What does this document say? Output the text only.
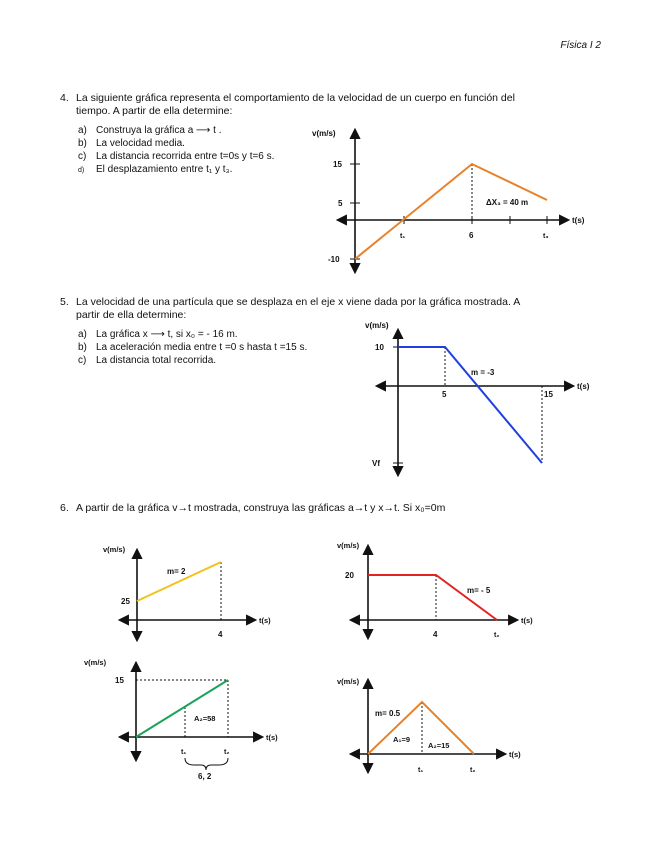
Física I 2
4. La siguiente gráfica representa el comportamiento de la velocidad de un cuerpo en función del
tiempo. A partir de ella determine:
a) Construya la gráfica a ⟶ t .
b) La velocidad media.
c) La distancia recorrida entre t=0s y t=6 s.
d) El desplazamiento entre t₁ y t₃.
v(m/s)
t(s)
15
5
-10
t₁	6	t₃
ΔX₃ = 40 m
5. La velocidad de una partícula que se desplaza en el eje x viene dada por la gráfica mostrada. A
partir de ella determine:
a) La gráfica x ⟶ t, si x₀ = - 16 m.
b) La aceleración media entre t =0 s hasta t =15 s.
c) La distancia total recorrida.
v(m/s)
t(s)
10
Vf
5	15
m = -3
6. A partir de la gráfica v→t mostrada, construya las gráficas a→t y x→t. Si x₀=0m
v(m/s)
t(s)
25
4
m= 2
v(m/s)
t(s)
20
4	t₂
m= - 5
v(m/s)
t(s)
15
t₁	t₂
A₂=58
6, 2
v(m/s)
t(s)
t₁	t₂
m= 0.5
A₁=9
A₂=15
